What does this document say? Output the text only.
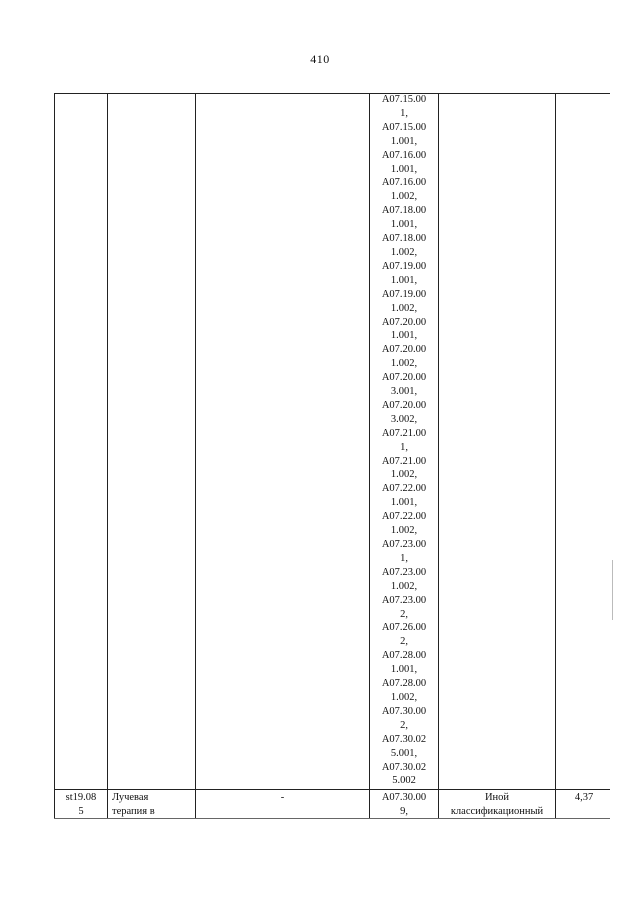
410
A07.15.00
1,
A07.15.00
1.001,
A07.16.00
1.001,
A07.16.00
1.002,
A07.18.00
1.001,
A07.18.00
1.002,
A07.19.00
1.001,
A07.19.00
1.002,
A07.20.00
1.001,
A07.20.00
1.002,
A07.20.00
3.001,
A07.20.00
3.002,
A07.21.00
1,
A07.21.00
1.002,
A07.22.00
1.001,
A07.22.00
1.002,
A07.23.00
1,
A07.23.00
1.002,
A07.23.00
2,
A07.26.00
2,
A07.28.00
1.001,
A07.28.00
1.002,
A07.30.00
2,
A07.30.02
5.001,
A07.30.02
5.002
st19.08
5
Лучевая
терапия в
-	A07.30.00
9,
Иной
классификационный
4,37
